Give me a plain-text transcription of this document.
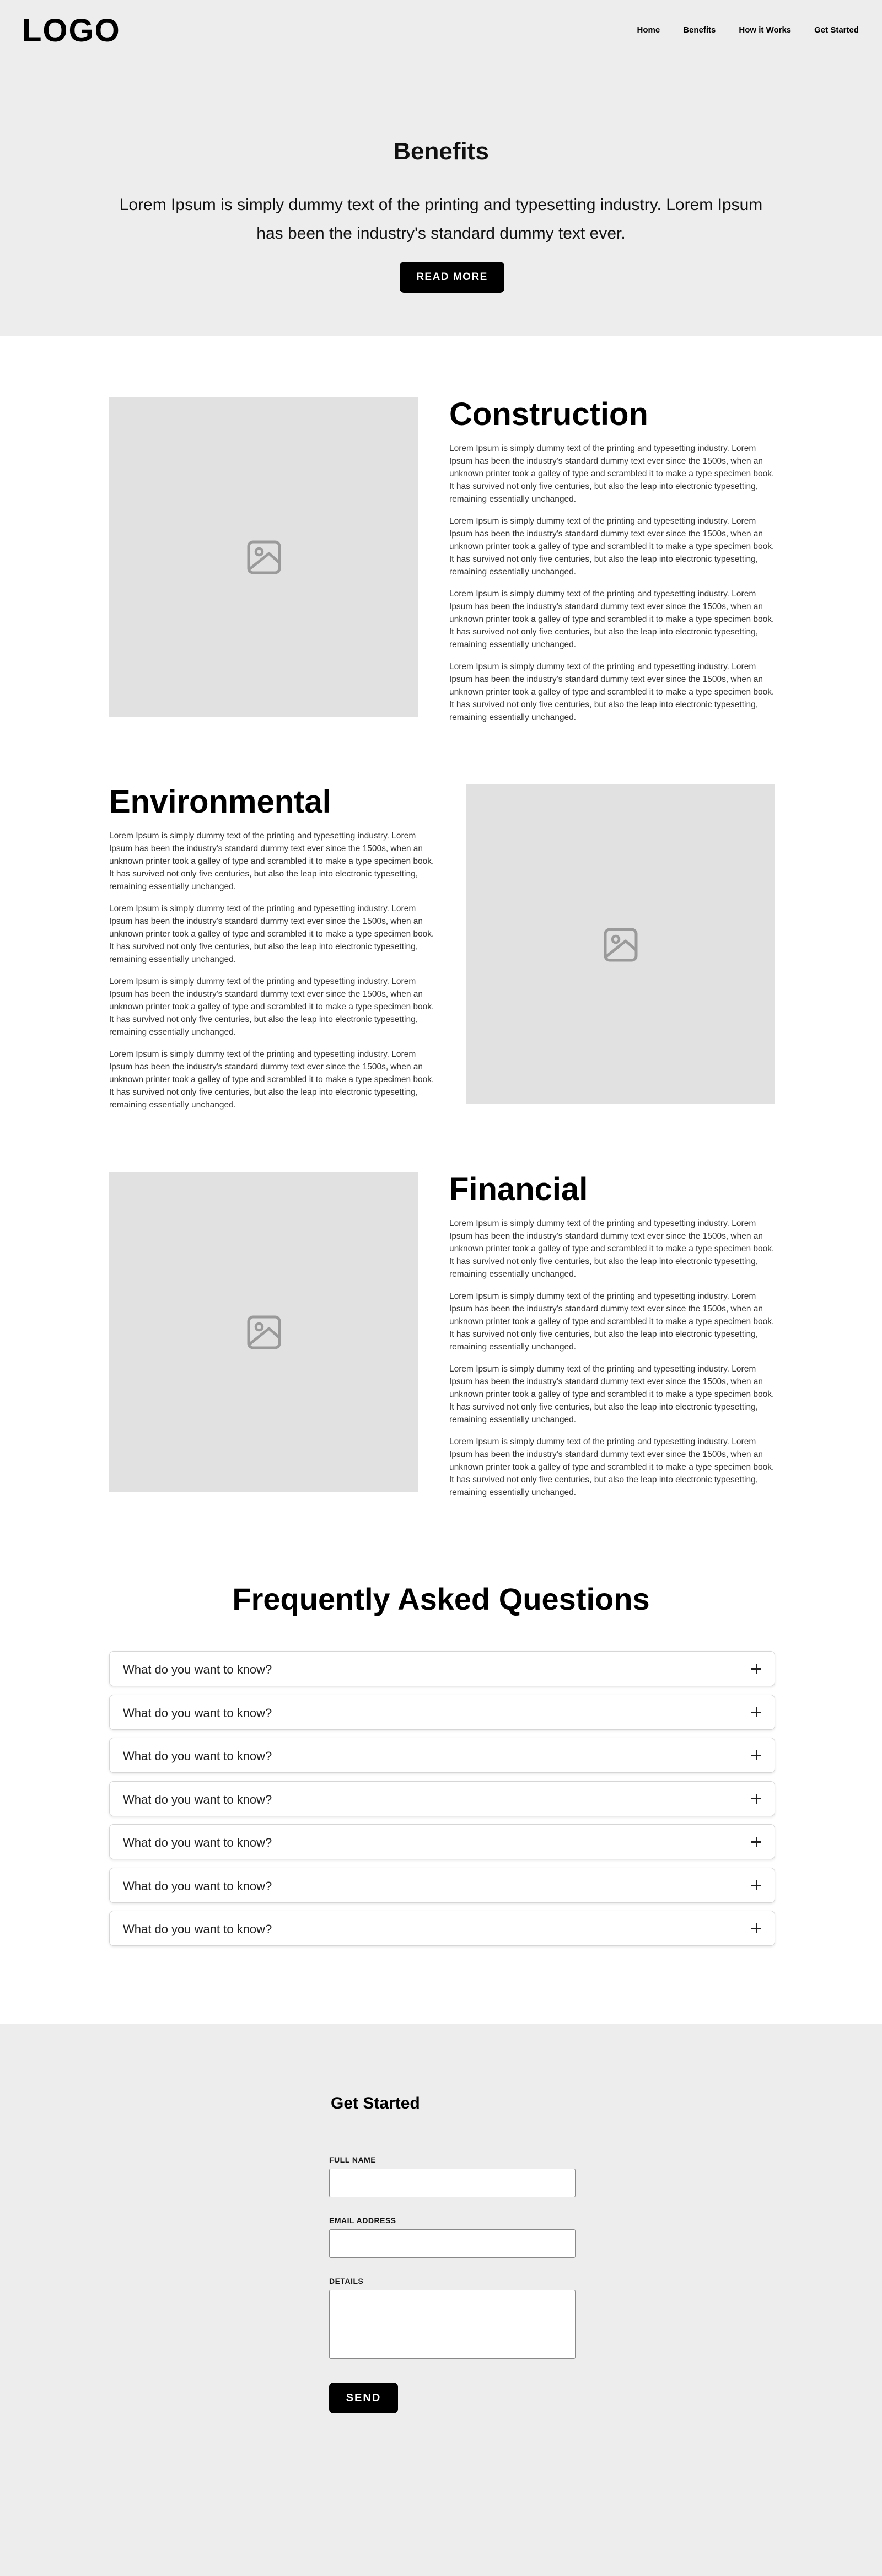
LOGO	Home	Benefits	How it Works	Get Started
Benefits

Lorem Ipsum is simply dummy text of the printing and typesetting industry. Lorem Ipsum has been the industry's standard dummy text ever.

READ MORE
Construction

Lorem Ipsum is simply dummy text of the printing and typesetting industry. Lorem Ipsum has been the industry's standard dummy text ever since the 1500s, when an unknown printer took a galley of type and scrambled it to make a type specimen book. It has survived not only five centuries, but also the leap into electronic typesetting, remaining essentially unchanged.

Lorem Ipsum is simply dummy text of the printing and typesetting industry. Lorem Ipsum has been the industry's standard dummy text ever since the 1500s, when an unknown printer took a galley of type and scrambled it to make a type specimen book. It has survived not only five centuries, but also the leap into electronic typesetting, remaining essentially unchanged.

Lorem Ipsum is simply dummy text of the printing and typesetting industry. Lorem Ipsum has been the industry's standard dummy text ever since the 1500s, when an unknown printer took a galley of type and scrambled it to make a type specimen book. It has survived not only five centuries, but also the leap into electronic typesetting, remaining essentially unchanged.

Lorem Ipsum is simply dummy text of the printing and typesetting industry. Lorem Ipsum has been the industry's standard dummy text ever since the 1500s, when an unknown printer took a galley of type and scrambled it to make a type specimen book. It has survived not only five centuries, but also the leap into electronic typesetting, remaining essentially unchanged.

Environmental

Lorem Ipsum is simply dummy text of the printing and typesetting industry. Lorem Ipsum has been the industry's standard dummy text ever since the 1500s, when an unknown printer took a galley of type and scrambled it to make a type specimen book. It has survived not only five centuries, but also the leap into electronic typesetting, remaining essentially unchanged.

Lorem Ipsum is simply dummy text of the printing and typesetting industry. Lorem Ipsum has been the industry's standard dummy text ever since the 1500s, when an unknown printer took a galley of type and scrambled it to make a type specimen book. It has survived not only five centuries, but also the leap into electronic typesetting, remaining essentially unchanged.

Lorem Ipsum is simply dummy text of the printing and typesetting industry. Lorem Ipsum has been the industry's standard dummy text ever since the 1500s, when an unknown printer took a galley of type and scrambled it to make a type specimen book. It has survived not only five centuries, but also the leap into electronic typesetting, remaining essentially unchanged.

Lorem Ipsum is simply dummy text of the printing and typesetting industry. Lorem Ipsum has been the industry's standard dummy text ever since the 1500s, when an unknown printer took a galley of type and scrambled it to make a type specimen book. It has survived not only five centuries, but also the leap into electronic typesetting, remaining essentially unchanged.

Financial

Lorem Ipsum is simply dummy text of the printing and typesetting industry. Lorem Ipsum has been the industry's standard dummy text ever since the 1500s, when an unknown printer took a galley of type and scrambled it to make a type specimen book. It has survived not only five centuries, but also the leap into electronic typesetting, remaining essentially unchanged.

Lorem Ipsum is simply dummy text of the printing and typesetting industry. Lorem Ipsum has been the industry's standard dummy text ever since the 1500s, when an unknown printer took a galley of type and scrambled it to make a type specimen book. It has survived not only five centuries, but also the leap into electronic typesetting, remaining essentially unchanged.

Lorem Ipsum is simply dummy text of the printing and typesetting industry. Lorem Ipsum has been the industry's standard dummy text ever since the 1500s, when an unknown printer took a galley of type and scrambled it to make a type specimen book. It has survived not only five centuries, but also the leap into electronic typesetting, remaining essentially unchanged.

Lorem Ipsum is simply dummy text of the printing and typesetting industry. Lorem Ipsum has been the industry's standard dummy text ever since the 1500s, when an unknown printer took a galley of type and scrambled it to make a type specimen book. It has survived not only five centuries, but also the leap into electronic typesetting, remaining essentially unchanged.

Frequently Asked Questions
What do you want to know?
What do you want to know?
What do you want to know?
What do you want to know?
What do you want to know?
What do you want to know?
What do you want to know?
Get Started
FULL NAME
EMAIL ADDRESS
DETAILS
SEND
